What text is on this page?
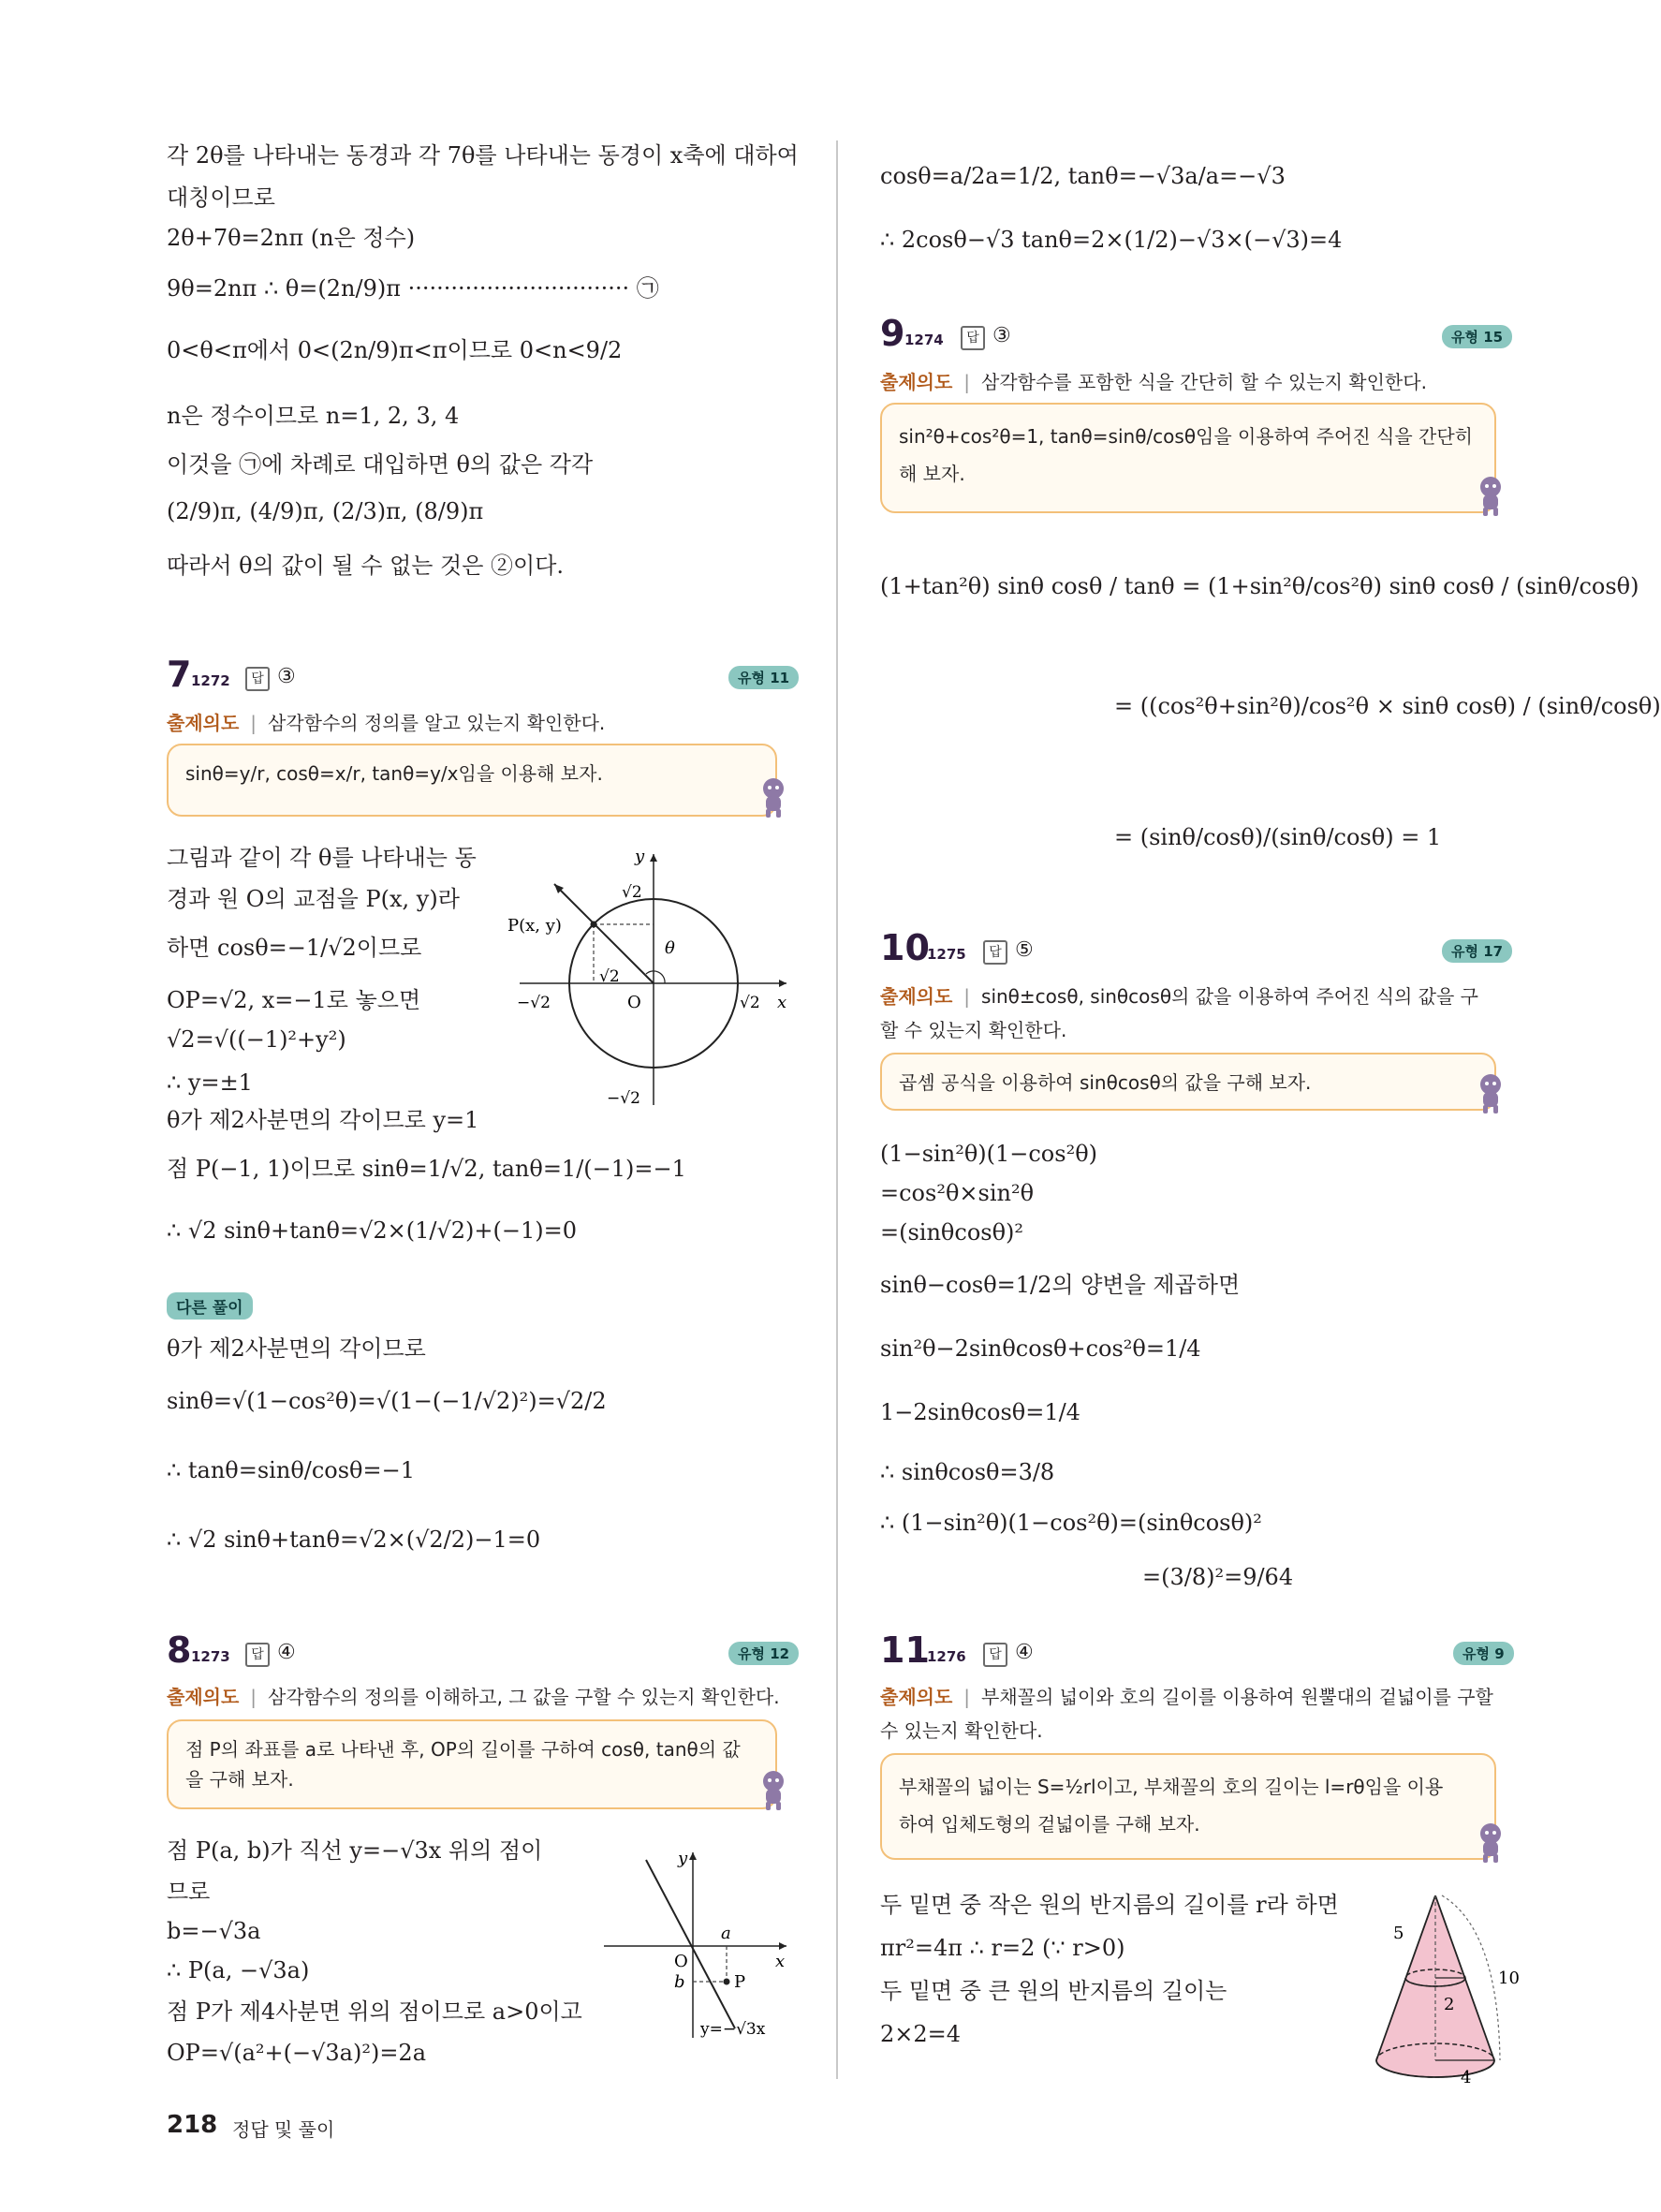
각 2θ를 나타내는 동경과 각 7θ를 나타내는 동경이 x축에 대하여
대칭이므로
2θ+7θ=2nπ (n은 정수)
9θ=2nπ ∴ θ=(2n/9)π ······························· ㉠
0<θ<π에서 0<(2n/9)π<π이므로 0<n<9/2
n은 정수이므로 n=1, 2, 3, 4
이것을 ㉠에 차례로 대입하면 θ의 값은 각각
(2/9)π, (4/9)π, (2/3)π, (8/9)π
따라서 θ의 값이 될 수 없는 것은 ②이다.
7 1272	답 ③	유형 11
출제의도 | 삼각함수의 정의를 알고 있는지 확인한다.
sinθ=y/r, cosθ=x/r, tanθ=y/x임을 이용해 보자.
그림과 같이 각 θ를 나타내는 동
경과 원 O의 교점을 P(x, y)라
하면 cosθ=−1/√2이므로
OP=√2, x=−1로 놓으면
√2=√((−1)²+y²)
∴ y=±1
θ가 제2사분면의 각이므로 y=1
점 P(−1, 1)이므로 sinθ=1/√2, tanθ=1/(−1)=−1
∴ √2 sinθ+tanθ=√2×(1/√2)+(−1)=0
y
x
O
P(x, y)
θ
√2
−√2	√2
−√2
√2
다른 풀이
θ가 제2사분면의 각이므로
sinθ=√(1−cos²θ)=√(1−(−1/√2)²)=√2/2
∴ tanθ=sinθ/cosθ=−1
∴ √2 sinθ+tanθ=√2×(√2/2)−1=0
8 1273	답 ④	유형 12
출제의도 | 삼각함수의 정의를 이해하고, 그 값을 구할 수 있는지 확인한다.
점 P의 좌표를 a로 나타낸 후, OP의 길이를 구하여 cosθ, tanθ의 값
을 구해 보자.
점 P(a, b)가 직선 y=−√3x 위의 점이
므로
b=−√3a
∴ P(a, −√3a)
점 P가 제4사분면 위의 점이므로 a>0이고
OP=√(a²+(−√3a)²)=2a
y
x
O
a
b	P
y=−√3x
cosθ=a/2a=1/2, tanθ=−√3a/a=−√3
∴ 2cosθ−√3 tanθ=2×(1/2)−√3×(−√3)=4
9 1274	답 ③	유형 15
출제의도 | 삼각함수를 포함한 식을 간단히 할 수 있는지 확인한다.
sin²θ+cos²θ=1, tanθ=sinθ/cosθ임을 이용하여 주어진 식을 간단히
해 보자.
(1+tan²θ) sinθ cosθ / tanθ = (1+sin²θ/cos²θ) sinθ cosθ / (sinθ/cosθ)
= ((cos²θ+sin²θ)/cos²θ × sinθ cosθ) / (sinθ/cosθ)
= (sinθ/cosθ)/(sinθ/cosθ) = 1
10
1275	답 ⑤	유형 17
출제의도 | sinθ±cosθ, sinθcosθ의 값을 이용하여 주어진 식의 값을 구
할 수 있는지 확인한다.
곱셈 공식을 이용하여 sinθcosθ의 값을 구해 보자.
(1−sin²θ)(1−cos²θ)
=cos²θ×sin²θ
=(sinθcosθ)²
sinθ−cosθ=1/2의 양변을 제곱하면
sin²θ−2sinθcosθ+cos²θ=1/4
1−2sinθcosθ=1/4
∴ sinθcosθ=3/8
∴ (1−sin²θ)(1−cos²θ)=(sinθcosθ)²
=(3/8)²=9/64
11
1276	답 ④	유형 9
출제의도 | 부채꼴의 넓이와 호의 길이를 이용하여 원뿔대의 겉넓이를 구할
수 있는지 확인한다.
부채꼴의 넓이는 S=½rl이고, 부채꼴의 호의 길이는 l=rθ임을 이용
하여 입체도형의 겉넓이를 구해 보자.
두 밑면 중 작은 원의 반지름의 길이를 r라 하면
πr²=4π ∴ r=2 (∵ r>0)
두 밑면 중 큰 원의 반지름의 길이는
2×2=4
5
10
2
4
218 정답 및 풀이
